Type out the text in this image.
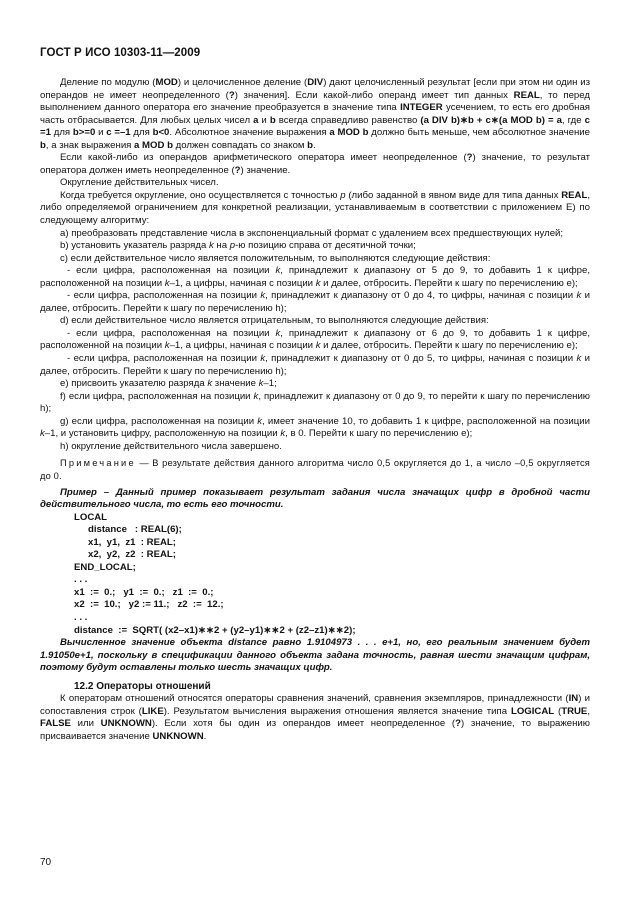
ГОСТ Р ИСО 10303-11—2009

Деление по модулю (MOD) и целочисленное деление (DIV) дают целочисленный результат [если при этом ни один из операндов не имеет неопределенного (?) значения]. Если какой-либо операнд имеет тип данных REAL, то перед выполнением данного оператора его значение преобразуется в значение типа INTEGER усечением, то есть его дробная часть отбрасывается. Для любых целых чисел a и b всегда справедливо равенство (a DIV b)∗b + c∗(a MOD b) = a, где c =1 для b>=0 и c =–1 для b<0. Абсолютное значение выражения a MOD b должно быть меньше, чем абсолютное значение b, а знак выражения a MOD b должен совпадать со знаком b.

Если какой-либо из операндов арифметического оператора имеет неопределенное (?) значение, то результат оператора должен иметь неопределенное (?) значение.

Округление действительных чисел.

Когда требуется округление, оно осуществляется с точностью p (либо заданной в явном виде для типа данных REAL, либо определяемой ограничением для конкретной реализации, устанавливаемым в соответствии с приложением E) по следующему алгоритму:

a) преобразовать представление числа в экспоненциальный формат с удалением всех предшествующих нулей;

b) установить указатель разряда k на p-ю позицию справа от десятичной точки;

c) если действительное число является положительным, то выполняются следующие действия:

- если цифра, расположенная на позиции k, принадлежит к диапазону от 5 до 9, то добавить 1 к цифре, расположенной на позиции k–1, а цифры, начиная с позиции k и далее, отбросить. Перейти к шагу по перечислению e);

- если цифра, расположенная на позиции k, принадлежит к диапазону от 0 до 4, то цифры, начиная с позиции k и далее, отбросить. Перейти к шагу по перечислению h);

d) если действительное число является отрицательным, то выполняются следующие действия:

- если цифра, расположенная на позиции k, принадлежит к диапазону от 6 до 9, то добавить 1 к цифре, расположенной на позиции k–1, а цифры, начиная с позиции k и далее, отбросить. Перейти к шагу по перечислению e);

- если цифра, расположенная на позиции k, принадлежит к диапазону от 0 до 5, то цифры, начиная с позиции k и далее, отбросить. Перейти к шагу по перечислению h);

e) присвоить указателю разряда k значение k–1;

f) если цифра, расположенная на позиции k, принадлежит к диапазону от 0 до 9, то перейти к шагу по перечислению h);

g) если цифра, расположенная на позиции k, имеет значение 10, то добавить 1 к цифре, расположенной на позиции k–1, и установить цифру, расположенную на позиции k, в 0. Перейти к шагу по перечислению e);

h) округление действительного числа завершено.

Примечание — В результате действия данного алгоритма число 0,5 округляется до 1, а число –0,5 округляется до 0.

Пример – Данный пример показывает результат задания числа значащих цифр в дробной части действительного числа, то есть его точности.

LOCAL

distance   : REAL(6);

x1,  y1,  z1  : REAL;

x2,  y2,  z2  : REAL;

END_LOCAL;

. . .

x1  :=  0.;   y1  :=  0.;   z1  :=  0.;

x2  :=  10.;   y2 := 11.;   z2  :=  12.;

. . .

distance  :=  SQRT( (x2–x1)∗∗2 + (y2–y1)∗∗2 + (z2–z1)∗∗2);

Вычисленное значение объекта distance равно 1.9104973 . . . e+1, но, его реальным значением будет 1.91050e+1, поскольку в спецификации данного объекта задана точность, равная шести значащим цифрам, поэтому будут оставлены только шесть значащих цифр.

12.2 Операторы отношений

К операторам отношений относятся операторы сравнения значений, сравнения экземпляров, принадлежности (IN) и сопоставления строк (LIKE). Результатом вычисления выражения отношения является значение типа LOGICAL (TRUE, FALSE или UNKNOWN). Если хотя бы один из операндов имеет неопределенное (?) значение, то выражению присваивается значение UNKNOWN.

70
